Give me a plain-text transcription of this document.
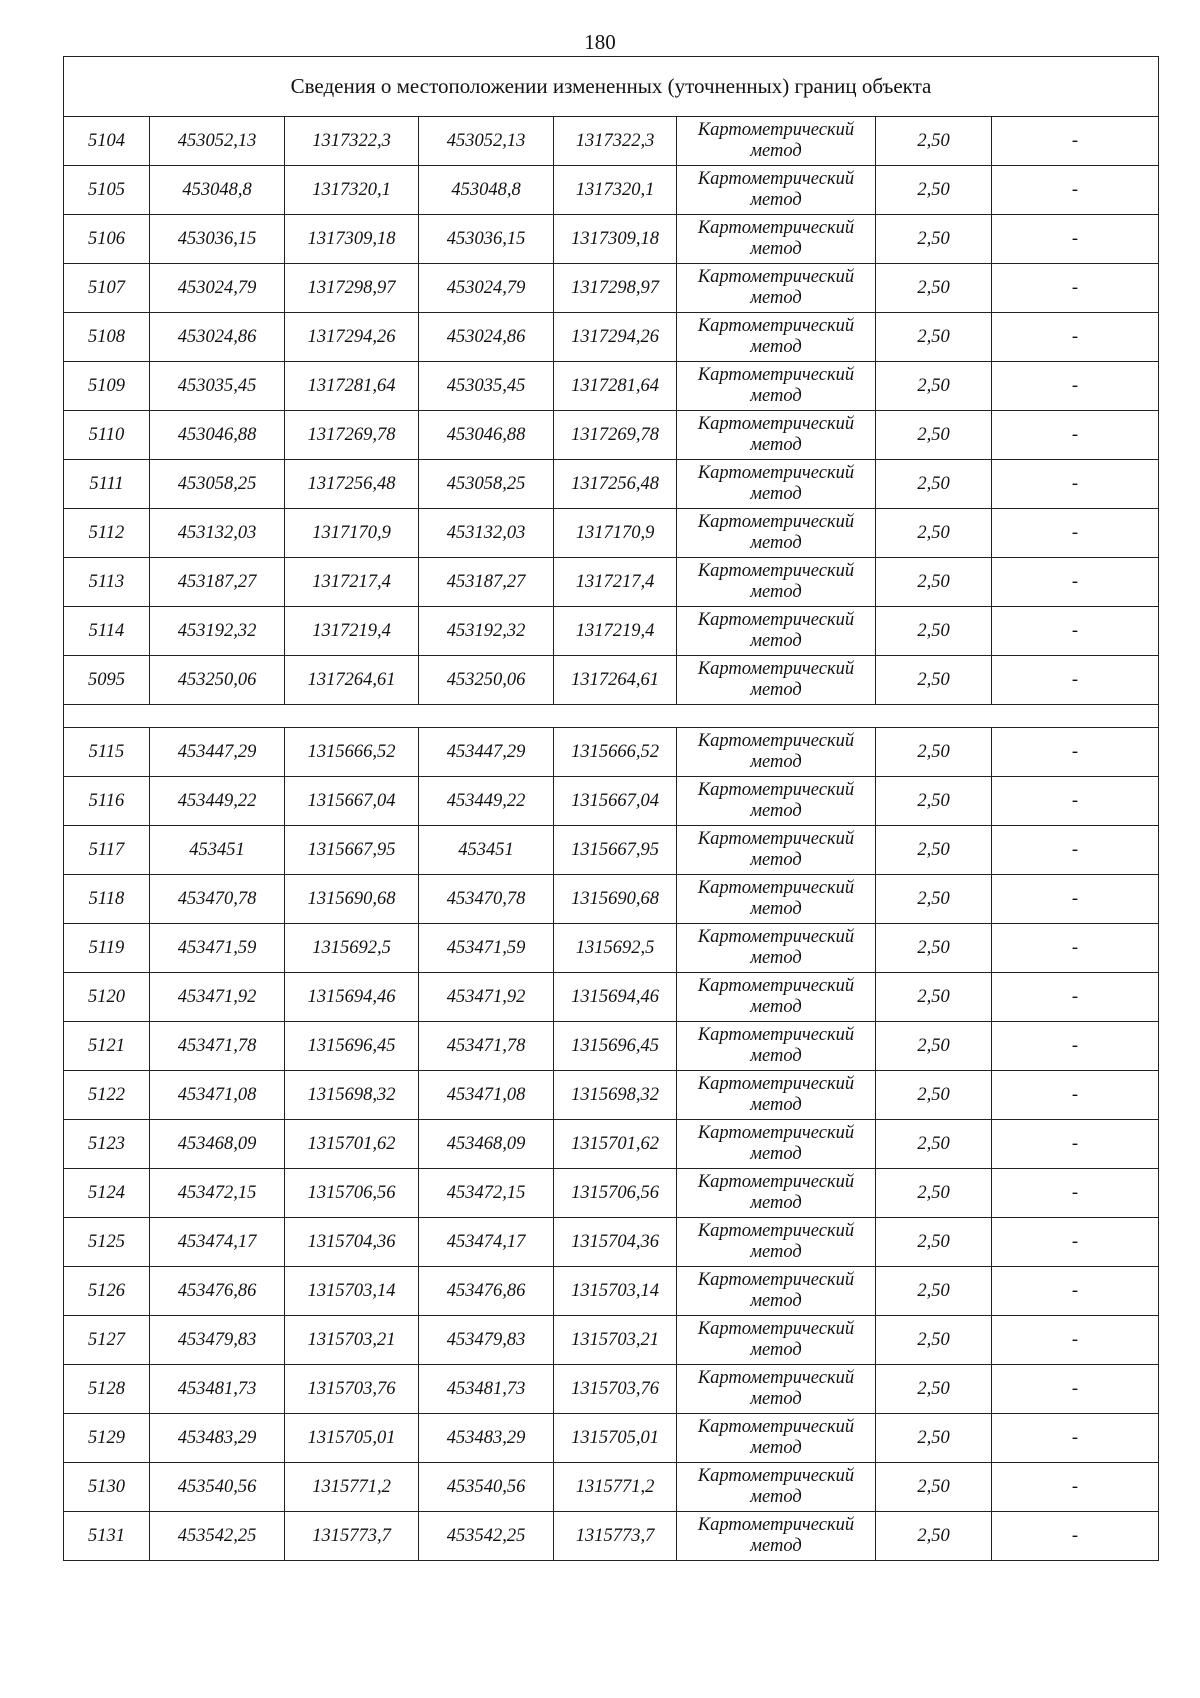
180
Сведения о местоположении измененных (уточненных) границ объекта							
5104	453052,13	1317322,3	453052,13	1317322,3	Картометрический
метод	2,50	-
5105	453048,8	1317320,1	453048,8	1317320,1	Картометрический
метод	2,50	-
5106	453036,15	1317309,18	453036,15	1317309,18	Картометрический
метод	2,50	-
5107	453024,79	1317298,97	453024,79	1317298,97	Картометрический
метод	2,50	-
5108	453024,86	1317294,26	453024,86	1317294,26	Картометрический
метод	2,50	-
5109	453035,45	1317281,64	453035,45	1317281,64	Картометрический
метод	2,50	-
5110	453046,88	1317269,78	453046,88	1317269,78	Картометрический
метод	2,50	-
5111	453058,25	1317256,48	453058,25	1317256,48	Картометрический
метод	2,50	-
5112	453132,03	1317170,9	453132,03	1317170,9	Картометрический
метод	2,50	-
5113	453187,27	1317217,4	453187,27	1317217,4	Картометрический
метод	2,50	-
5114	453192,32	1317219,4	453192,32	1317219,4	Картометрический
метод	2,50	-
5095	453250,06	1317264,61	453250,06	1317264,61	Картометрический
метод	2,50	-

5115	453447,29	1315666,52	453447,29	1315666,52	Картометрический
метод	2,50	-
5116	453449,22	1315667,04	453449,22	1315667,04	Картометрический
метод	2,50	-
5117	453451	1315667,95	453451	1315667,95	Картометрический
метод	2,50	-
5118	453470,78	1315690,68	453470,78	1315690,68	Картометрический
метод	2,50	-
5119	453471,59	1315692,5	453471,59	1315692,5	Картометрический
метод	2,50	-
5120	453471,92	1315694,46	453471,92	1315694,46	Картометрический
метод	2,50	-
5121	453471,78	1315696,45	453471,78	1315696,45	Картометрический
метод	2,50	-
5122	453471,08	1315698,32	453471,08	1315698,32	Картометрический
метод	2,50	-
5123	453468,09	1315701,62	453468,09	1315701,62	Картометрический
метод	2,50	-
5124	453472,15	1315706,56	453472,15	1315706,56	Картометрический
метод	2,50	-
5125	453474,17	1315704,36	453474,17	1315704,36	Картометрический
метод	2,50	-
5126	453476,86	1315703,14	453476,86	1315703,14	Картометрический
метод	2,50	-
5127	453479,83	1315703,21	453479,83	1315703,21	Картометрический
метод	2,50	-
5128	453481,73	1315703,76	453481,73	1315703,76	Картометрический
метод	2,50	-
5129	453483,29	1315705,01	453483,29	1315705,01	Картометрический
метод	2,50	-
5130	453540,56	1315771,2	453540,56	1315771,2	Картометрический
метод	2,50	-
5131	453542,25	1315773,7	453542,25	1315773,7	Картометрический
метод	2,50	-
